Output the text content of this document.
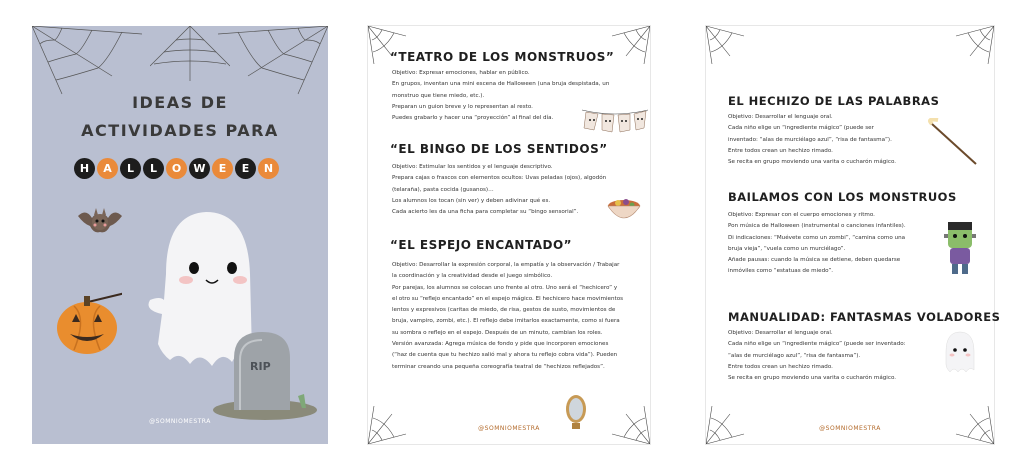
IDEAS DE
ACTIVIDADES PARA
H	A	L	L	O	W	E	E	N
RIP
@SOMNIOMESTRA
“TEATRO DE LOS MONSTRUOS”

Objetivo: Expresar emociones, hablar en público.

En grupos, inventan una mini escena de Halloween (una bruja despistada, un

monstruo que tiene miedo, etc.).

Preparan un guion breve y lo representan al resto.

Puedes grabarlo y hacer una “proyección” al final del día.

“EL BINGO DE LOS SENTIDOS”

Objetivo: Estimular los sentidos y el lenguaje descriptivo.

Prepara cajas o frascos con elementos ocultos: Uvas peladas (ojos), algodón

(telaraña), pasta cocida (gusanos)…

Los alumnos los tocan (sin ver) y deben adivinar qué es.

Cada acierto les da una ficha para completar su “bingo sensorial”.

“EL ESPEJO ENCANTADO”

Objetivo: Desarrollar la expresión corporal, la empatía y la observación / Trabajar

la coordinación y la creatividad desde el juego simbólico.

Por parejas, los alumnos se colocan uno frente al otro. Uno será el “hechicero” y

el otro su “reflejo encantado” en el espejo mágico. El hechicero hace movimientos

lentos y expresivos (caritas de miedo, de risa, gestos de susto, movimientos de

bruja, vampiro, zombi, etc.). El reflejo debe imitarlos exactamente, como si fuera

su sombra o reflejo en el espejo. Después de un minuto, cambian los roles.

Versión avanzada: Agrega música de fondo y pide que incorporen emociones

(“haz de cuenta que tu hechizo salió mal y ahora tu reflejo cobra vida”). Pueden

terminar creando una pequeña coreografía teatral de “hechizos reflejados”.

@SOMNIOMESTRA
EL HECHIZO DE LAS PALABRAS

Objetivo: Desarrollar el lenguaje oral.

Cada niño elige un “ingrediente mágico” (puede ser

inventado: “alas de murciélago azul”, “risa de fantasma”).

Entre todos crean un hechizo rimado.

Se recita en grupo moviendo una varita o cucharón mágico.

BAILAMOS CON LOS MONSTRUOS

Objetivo: Expresar con el cuerpo emociones y ritmo.

Pon música de Halloween (instrumental o canciones infantiles).

Di indicaciones: “Muévete como un zombi”, “camina como una

bruja vieja”, “vuela como un murciélago”.

Añade pausas: cuando la música se detiene, deben quedarse

inmóviles como “estatuas de miedo”.

MANUALIDAD: FANTASMAS VOLADORES

Objetivo: Desarrollar el lenguaje oral.

Cada niño elige un “ingrediente mágico” (puede ser inventado:

“alas de murciélago azul”, “risa de fantasma”).

Entre todos crean un hechizo rimado.

Se recita en grupo moviendo una varita o cucharón mágico.

@SOMNIOMESTRA
